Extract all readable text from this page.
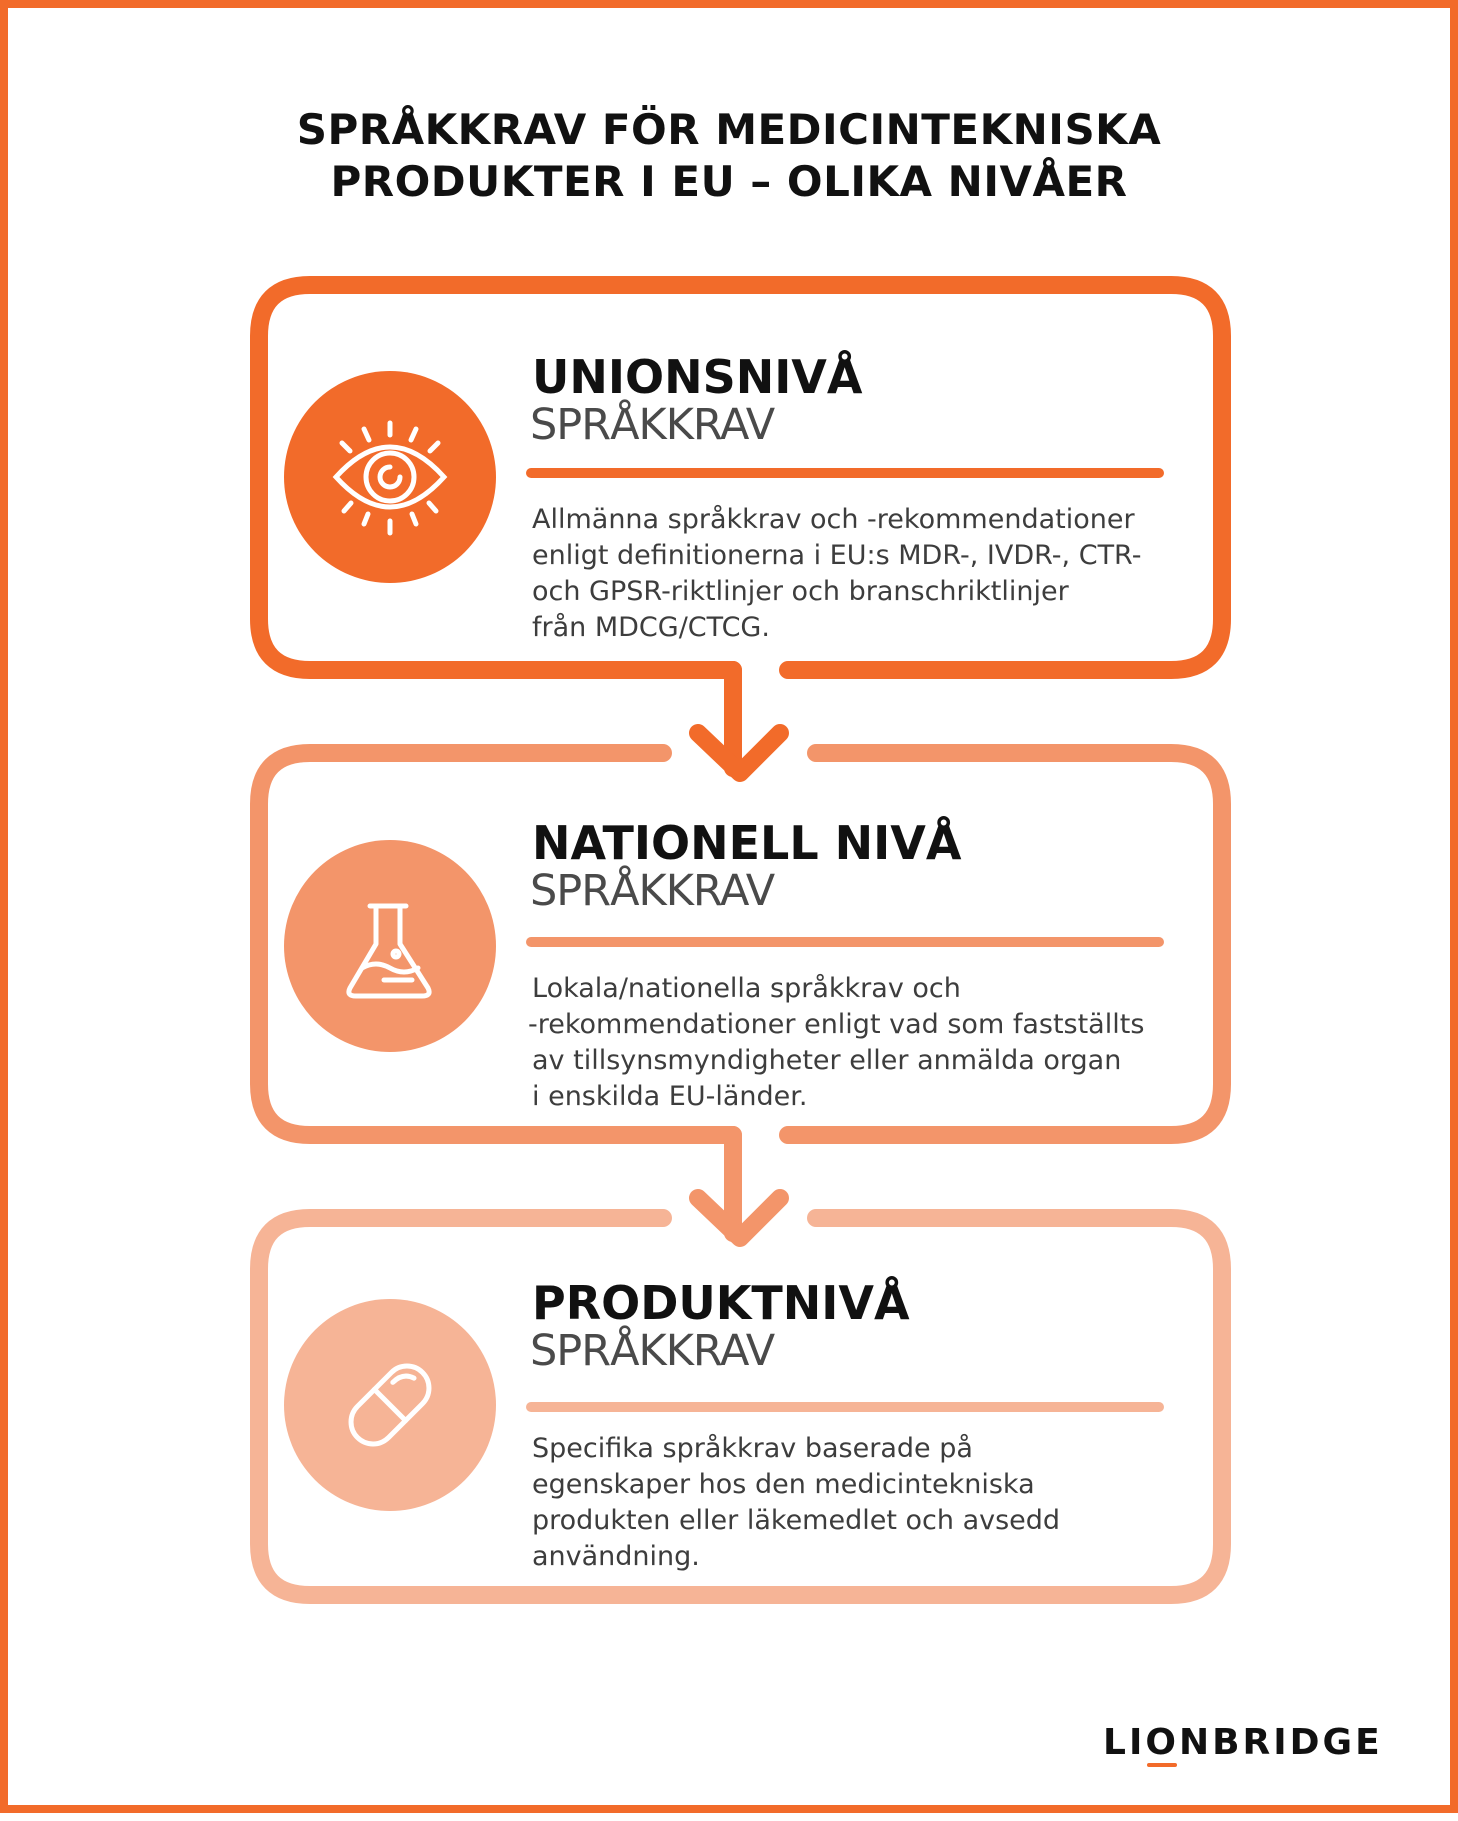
SPRÅKKRAV FÖR MEDICINTEKNISKA
PRODUKTER I EU – OLIKA NIVÅER
UNIONSNIVÅ
SPRÅKKRAV
Allmänna språkkrav och -rekommendationer
enligt definitionerna i EU:s MDR-, IVDR-, CTR-
och GPSR-riktlinjer och branschriktlinjer
från MDCG/CTCG.
NATIONELL NIVÅ
SPRÅKKRAV
Lokala/nationella språkkrav och
-rekommendationer enligt vad som fastställts
av tillsynsmyndigheter eller anmälda organ
i enskilda EU-länder.
PRODUKTNIVÅ
SPRÅKKRAV
Specifika språkkrav baserade på
egenskaper hos den medicintekniska
produkten eller läkemedlet och avsedd
användning.
LIONBRIDGE
